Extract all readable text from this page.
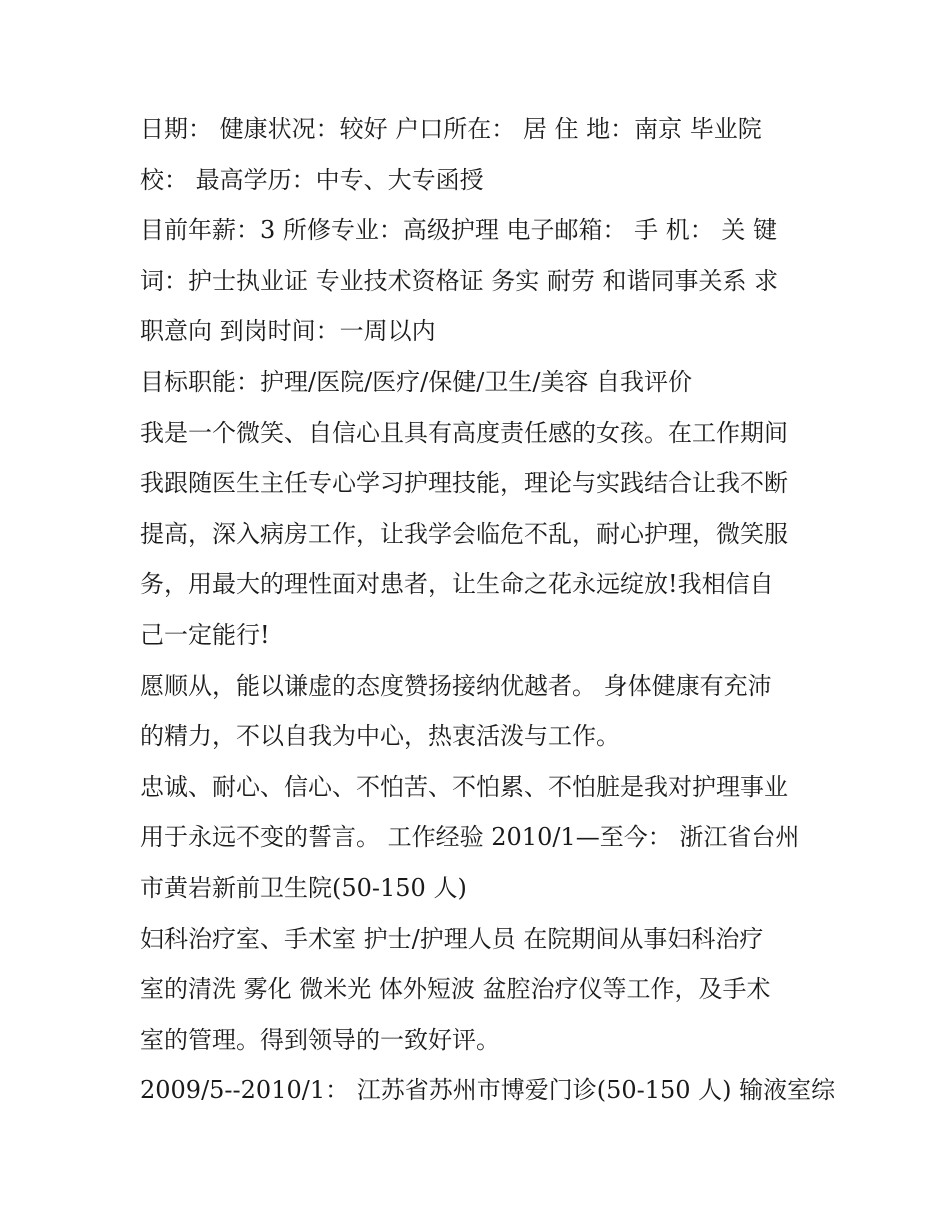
日期： 健康状况：较好 户口所在： 居 住 地：南京 毕业院
校： 最高学历：中专、大专函授

目前年薪：3 所修专业：高级护理 电子邮箱： 手 机： 关 键
词：护士执业证 专业技术资格证 务实 耐劳 和谐同事关系 求
职意向 到岗时间：一周以内

目标职能：护理/医院/医疗/保健/卫生/美容 自我评价

我是一个微笑、自信心且具有高度责任感的女孩。在工作期间
我跟随医生主任专心学习护理技能，理论与实践结合让我不断
提高，深入病房工作，让我学会临危不乱，耐心护理，微笑服
务，用最大的理性面对患者，让生命之花永远绽放!我相信自
己一定能行!

愿顺从，能以谦虚的态度赞扬接纳优越者。 身体健康有充沛
的精力，不以自我为中心，热衷活泼与工作。

忠诚、耐心、信心、不怕苦、不怕累、不怕脏是我对护理事业
用于永远不变的誓言。 工作经验 2010/1—至今： 浙江省台州
市黄岩新前卫生院(50-150 人)

妇科治疗室、手术室 护士/护理人员 在院期间从事妇科治疗
室的清洗 雾化 微米光 体外短波 盆腔治疗仪等工作，及手术
室的管理。得到领导的一致好评。

2009/5--2010/1： 江苏省苏州市博爱门诊(50-150 人) 输液室综
